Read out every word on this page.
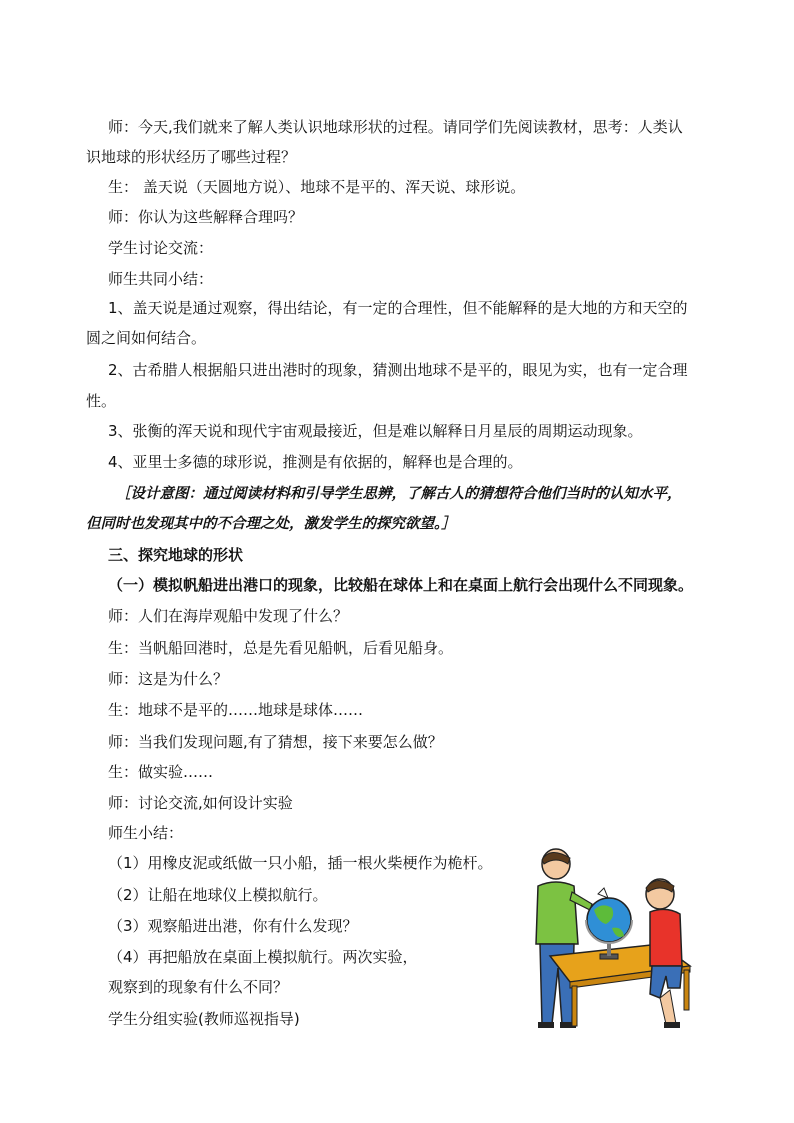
师：今天,我们就来了解人类认识地球形状的过程。请同学们先阅读教材，思考：人类认
识地球的形状经历了哪些过程？
生： 盖天说（天圆地方说）、地球不是平的、浑天说、球形说。
师：你认为这些解释合理吗？
学生讨论交流：
师生共同小结：
1、盖天说是通过观察，得出结论，有一定的合理性，但不能解释的是大地的方和天空的
圆之间如何结合。
2、古希腊人根据船只进出港时的现象，猜测出地球不是平的，眼见为实，也有一定合理
性。
3、张衡的浑天说和现代宇宙观最接近，但是难以解释日月星辰的周期运动现象。
4、亚里士多德的球形说，推测是有依据的，解释也是合理的。
［设计意图：通过阅读材料和引导学生思辨，了解古人的猜想符合他们当时的认知水平，
但同时也发现其中的不合理之处，激发学生的探究欲望。］
三、探究地球的形状
（一）模拟帆船进出港口的现象，比较船在球体上和在桌面上航行会出现什么不同现象。
师：人们在海岸观船中发现了什么？
生：当帆船回港时，总是先看见船帆，后看见船身。
师：这是为什么？
生：地球不是平的……地球是球体……
师：当我们发现问题,有了猜想，接下来要怎么做？
生：做实验……
师：讨论交流,如何设计实验
师生小结：
（1）用橡皮泥或纸做一只小船，插一根火柴梗作为桅杆。
（2）让船在地球仪上模拟航行。
（3）观察船进出港，你有什么发现？
（4）再把船放在桌面上模拟航行。两次实验，
观察到的现象有什么不同？
学生分组实验(教师巡视指导)
